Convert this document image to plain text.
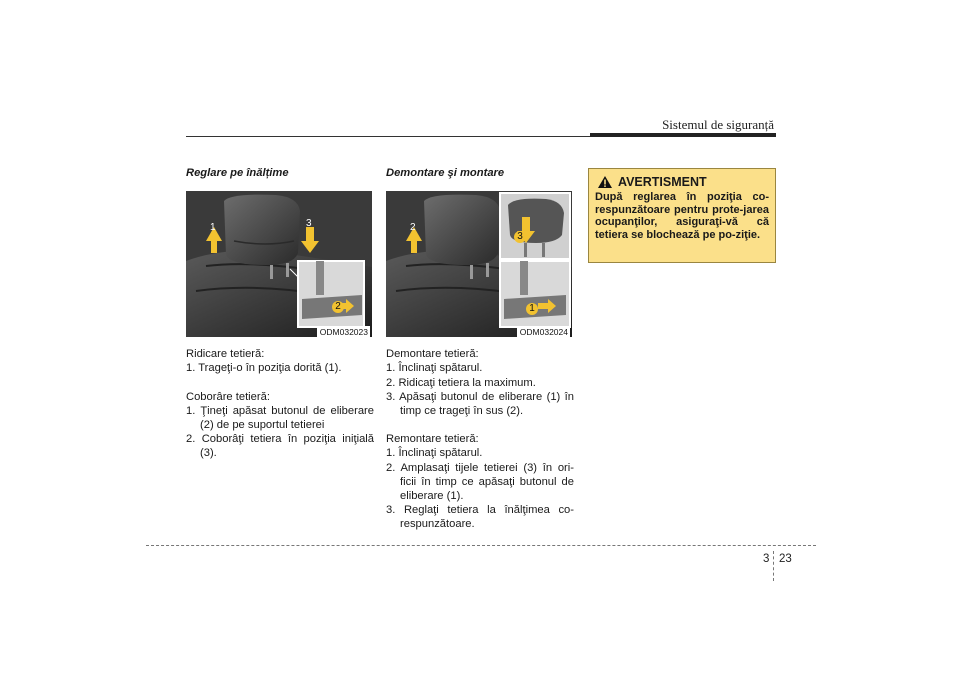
Sistemul de siguranță
Reglare pe înălțime
1	3
2
ODM032023
Ridicare tetieră:
1. Trageţi-o în poziţia dorită (1).
Coborâre tetieră:
1. Ţineţi apăsat butonul de eliberare (2) de pe suportul tetierei
2. Coborâţi tetiera în poziţia iniţială (3).
Demontare şi montare
2
3
1
ODM032024
Demontare tetieră:
1. Înclinaţi spătarul.
2. Ridicaţi tetiera la maximum.
3. Apăsaţi butonul de eliberare (1) în timp ce trageţi în sus (2).
Remontare tetieră:
1. Înclinaţi spătarul.
2. Amplasaţi tijele tetierei (3) în ori-ficii în timp ce apăsaţi butonul de eliberare (1).
3. Reglaţi tetiera la înălţimea co-respunzătoare.
AVERTISMENT
După reglarea în poziţia co-respunzătoare pentru prote-jarea ocupanţilor, asiguraţi-vă că tetiera se blochează pe po-ziţie.
3 23
